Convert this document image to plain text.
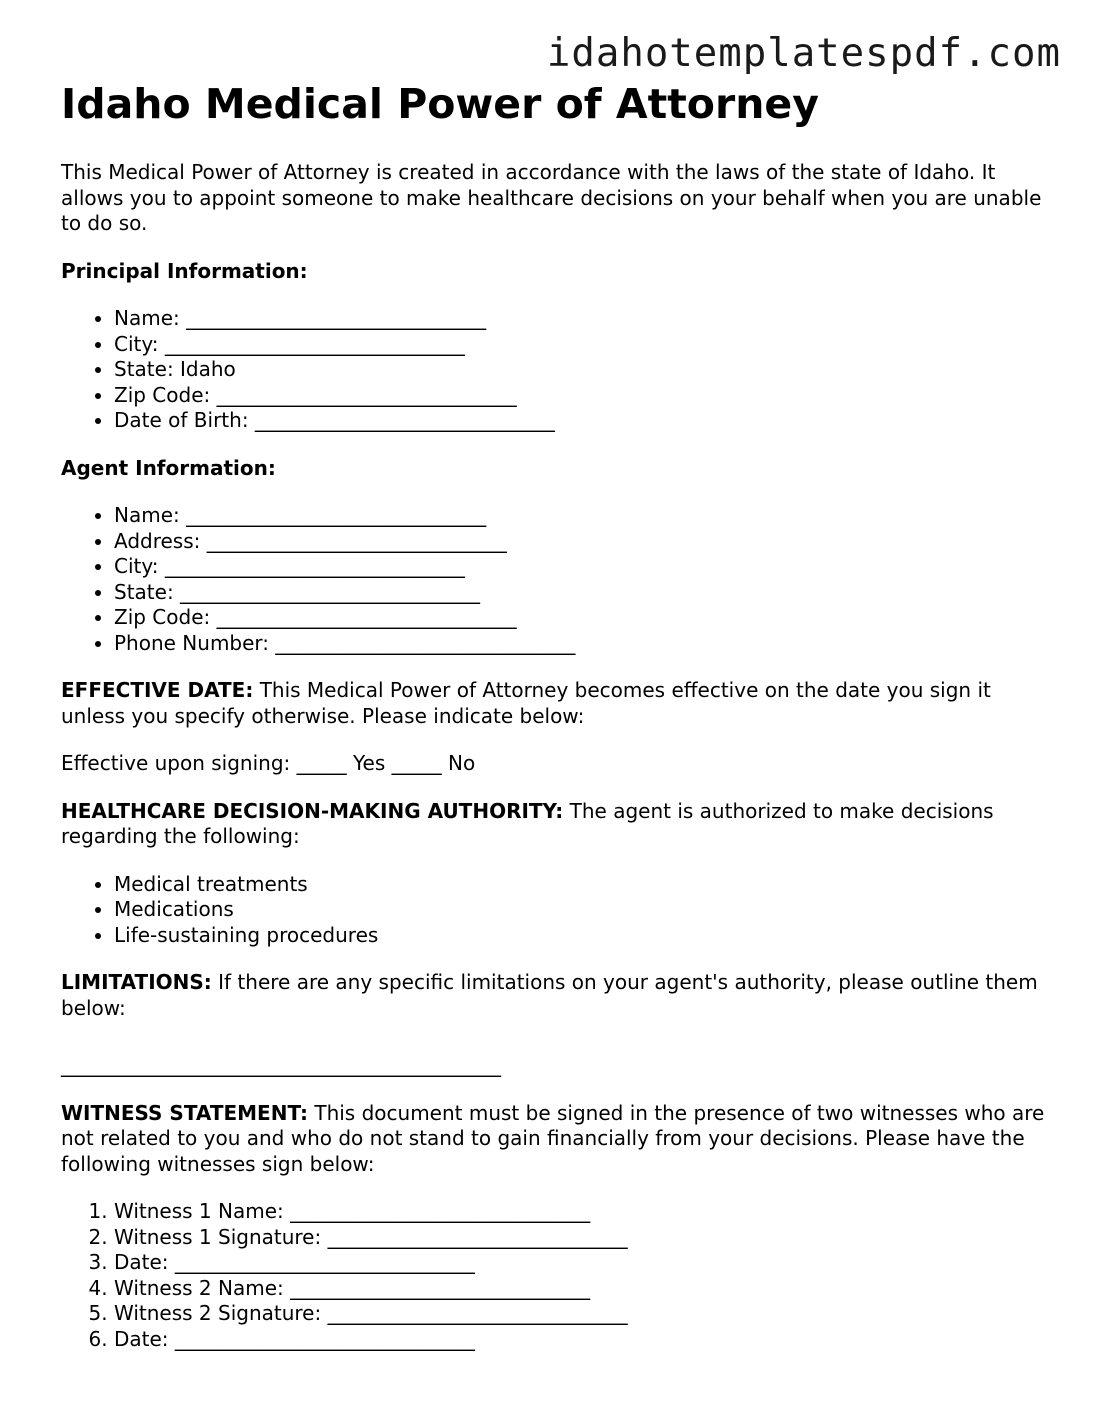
idahotemplatespdf.com

Idaho Medical Power of Attorney

This Medical Power of Attorney is created in accordance with the laws of the state of Idaho. It allows you to appoint someone to make healthcare decisions on your behalf when you are unable to do so.

Principal Information:

• Name: ______________________________
• City: ______________________________
• State: Idaho
• Zip Code: ______________________________
• Date of Birth: ______________________________

Agent Information:

• Name: ______________________________
• Address: ______________________________
• City: ______________________________
• State: ______________________________
• Zip Code: ______________________________
• Phone Number: ______________________________

EFFECTIVE DATE: This Medical Power of Attorney becomes effective on the date you sign it unless you specify otherwise. Please indicate below:

Effective upon signing: _____ Yes _____ No

HEALTHCARE DECISION-MAKING AUTHORITY: The agent is authorized to make decisions regarding the following:

• Medical treatments
• Medications
• Life-sustaining procedures

LIMITATIONS: If there are any specific limitations on your agent's authority, please outline them below:

____________________________________________

WITNESS STATEMENT: This document must be signed in the presence of two witnesses who are not related to you and who do not stand to gain financially from your decisions. Please have the following witnesses sign below:

1. Witness 1 Name: ______________________________
2. Witness 1 Signature: ______________________________
3. Date: ______________________________
4. Witness 2 Name: ______________________________
5. Witness 2 Signature: ______________________________
6. Date: ______________________________
